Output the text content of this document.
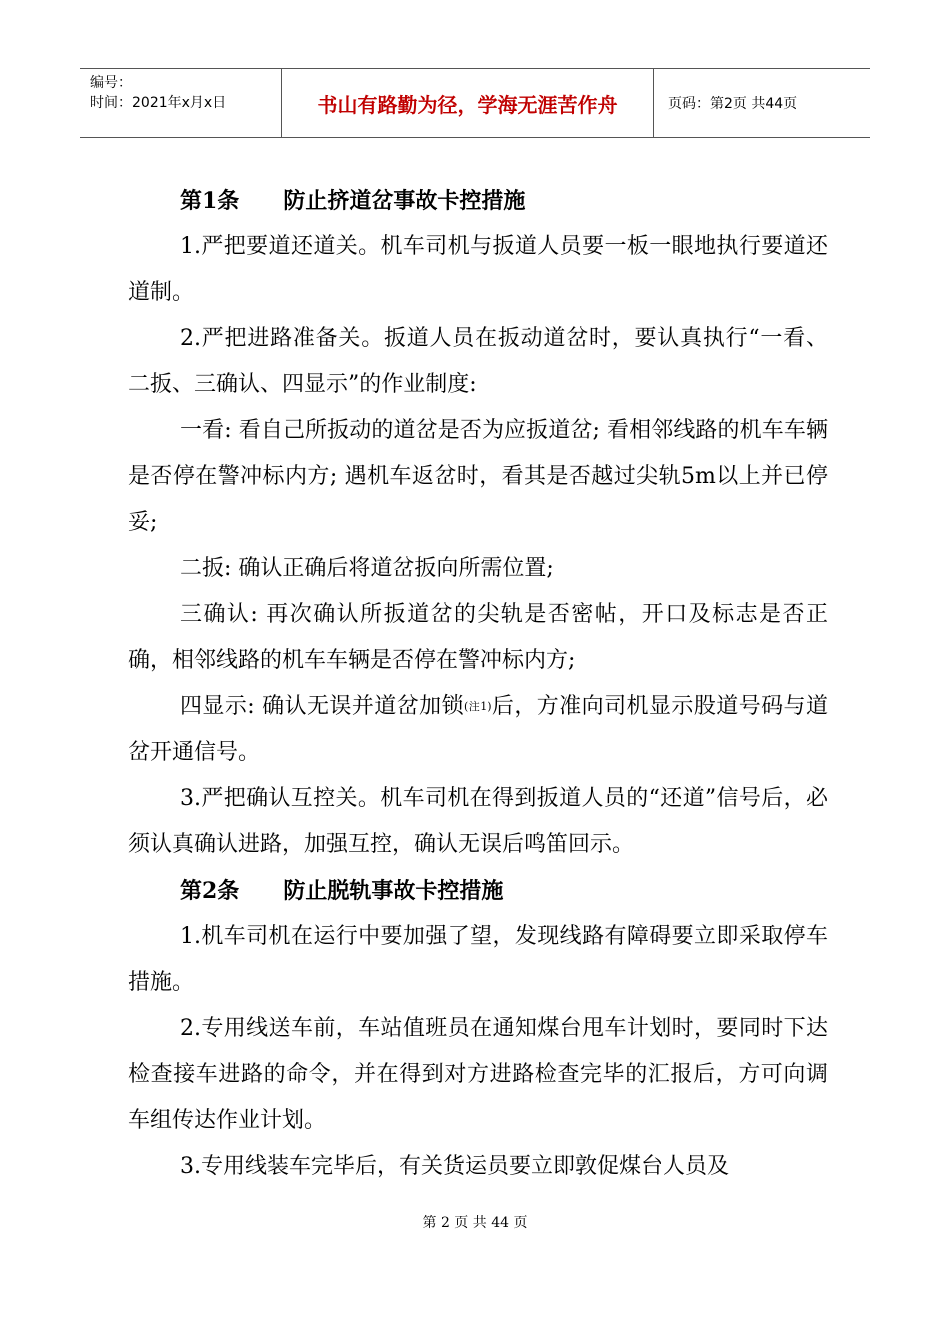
编号：
时间：2021年x月x日	书山有路勤为径，学海无涯苦作舟	页码：第2页 共44页
第1条 防止挤道岔事故卡控措施

1.严把要道还道关。机车司机与扳道人员要一板一眼地执行要道还道制。

2.严把进路准备关。扳道人员在扳动道岔时，要认真执行“一看、二扳、三确认、四显示”的作业制度:

一看: 看自己所扳动的道岔是否为应扳道岔; 看相邻线路的机车车辆是否停在警冲标内方; 遇机车返岔时，看其是否越过尖轨5m以上并已停妥;

二扳: 确认正确后将道岔扳向所需位置;

三确认: 再次确认所扳道岔的尖轨是否密帖，开口及标志是否正确，相邻线路的机车车辆是否停在警冲标内方;

四显示: 确认无误并道岔加锁(注1)后，方准向司机显示股道号码与道岔开通信号。

3.严把确认互控关。机车司机在得到扳道人员的“还道”信号后，必须认真确认进路，加强互控，确认无误后鸣笛回示。

第2条 防止脱轨事故卡控措施

1.机车司机在运行中要加强了望，发现线路有障碍要立即采取停车措施。

2.专用线送车前，车站值班员在通知煤台甩车计划时，要同时下达检查接车进路的命令，并在得到对方进路检查完毕的汇报后，方可向调车组传达作业计划。

3.专用线装车完毕后，有关货运员要立即敦促煤台人员及

第 2 页 共 44 页
